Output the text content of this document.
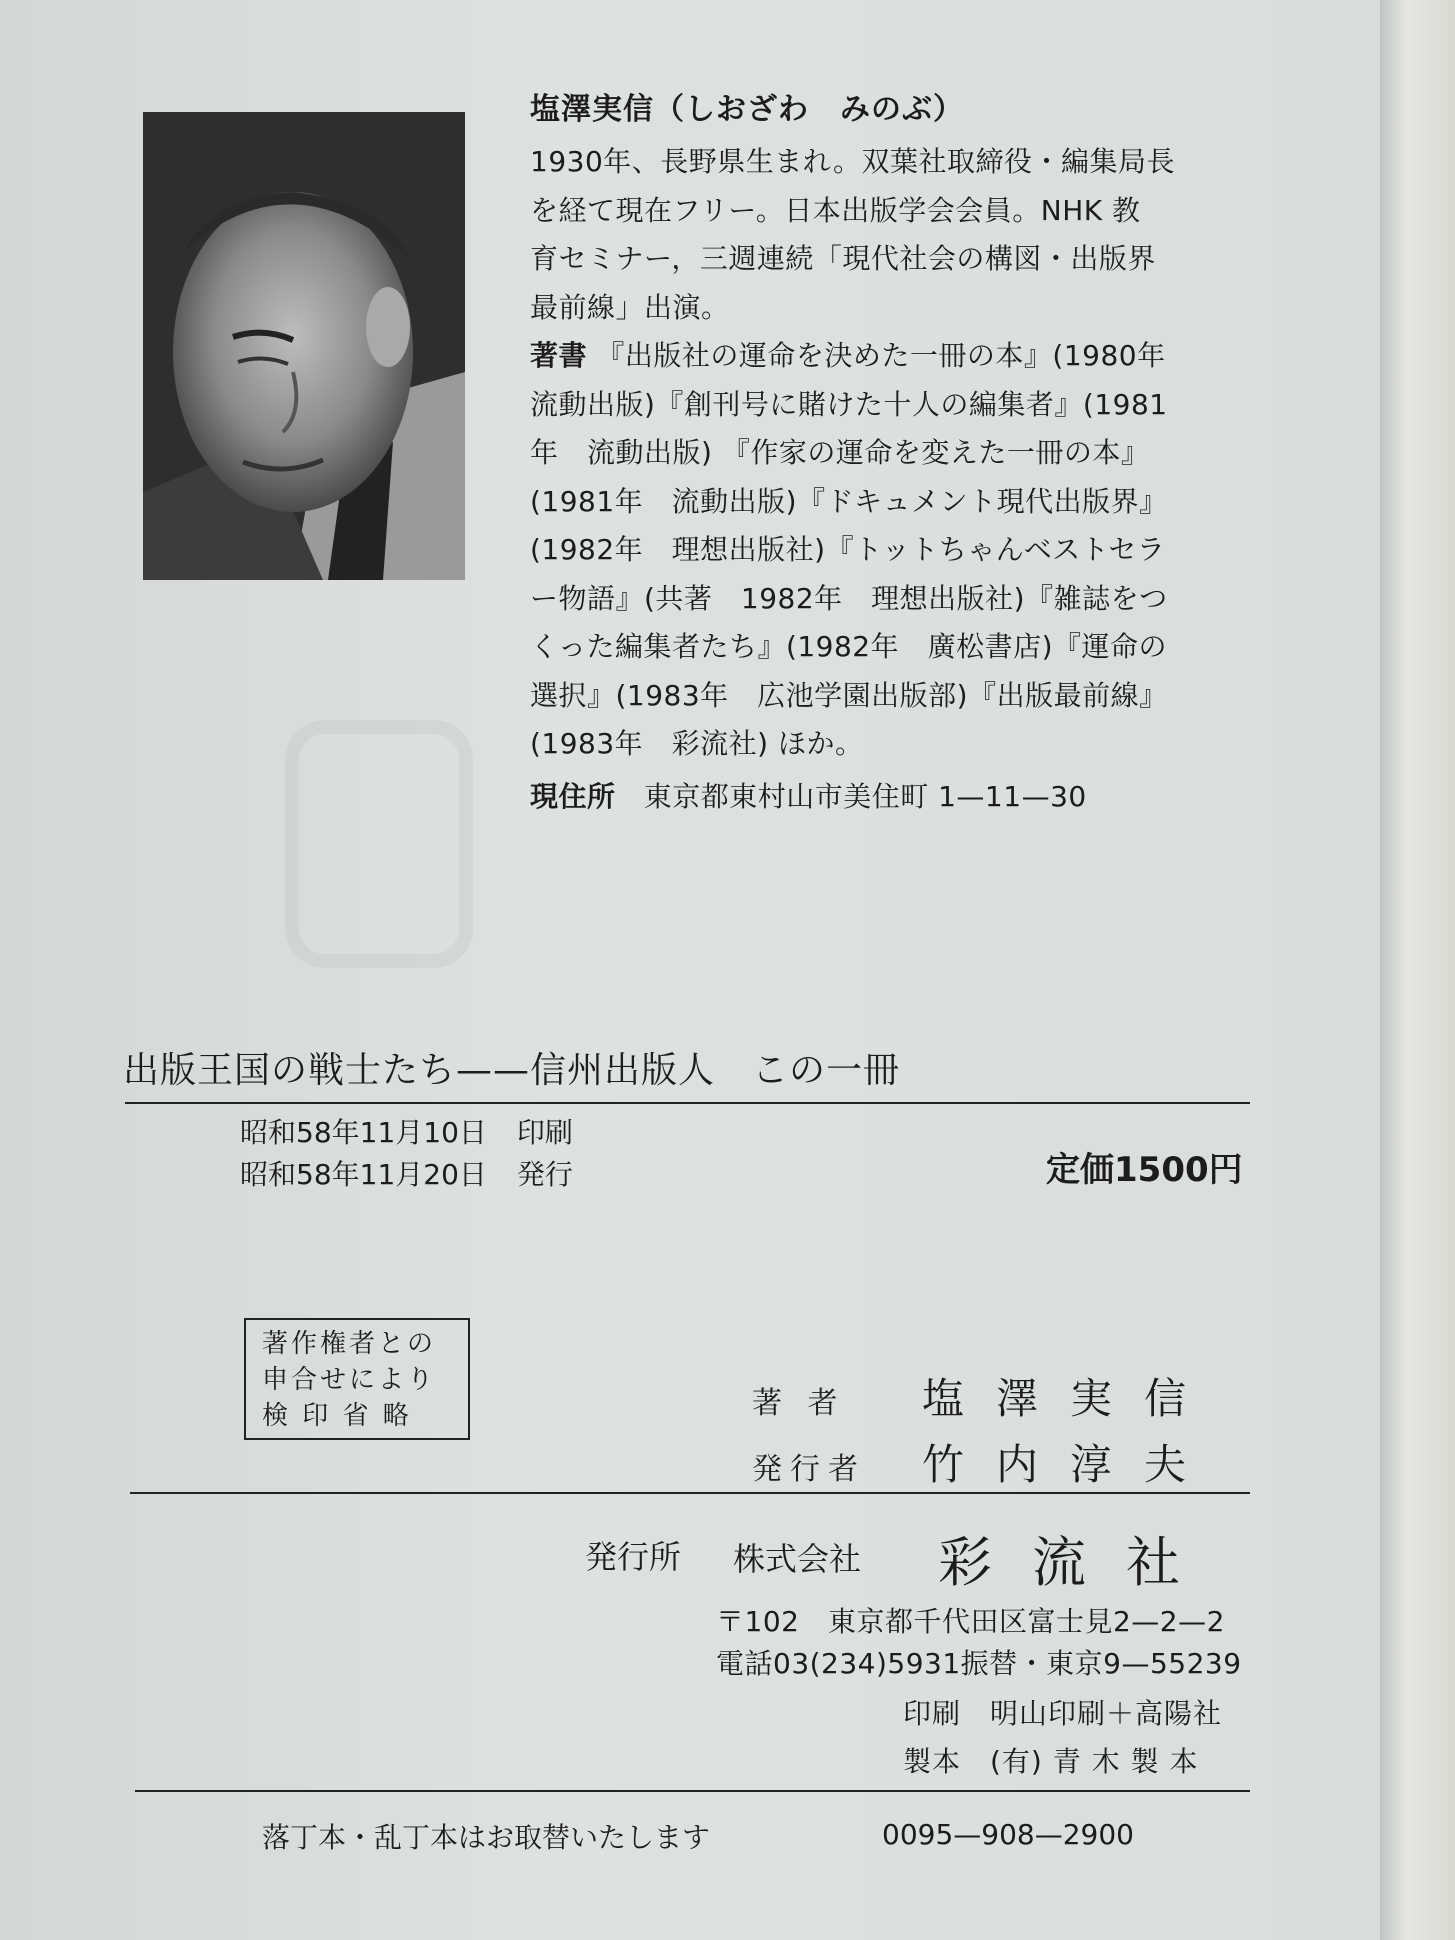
塩澤実信（しおざわ　みのぶ）
1930年、長野県生まれ。双葉社取締役・編集局長
を経て現在フリー。日本出版学会会員。NHK 教
育セミナー，三週連続「現代社会の構図・出版界
最前線」出演。
著書 『出版社の運命を決めた一冊の本』(1980年
流動出版)『創刊号に賭けた十人の編集者』(1981
年　流動出版) 『作家の運命を変えた一冊の本』
(1981年　流動出版)『ドキュメント現代出版界』
(1982年　理想出版社)『トットちゃんベストセラ
ー物語』(共著　1982年　理想出版社)『雑誌をつ
くった編集者たち』(1982年　廣松書店)『運命の
選択』(1983年　広池学園出版部)『出版最前線』
(1983年　彩流社) ほか。
現住所 東京都東村山市美住町 1—11—30
出版王国の戦士たち——信州出版人　この一冊
昭和58年11月10日 印刷
昭和58年11月20日 発行	定価1500円
著作権者との
申合せにより
検 印 省 略	著 者 塩澤実信
発行者 竹内淳夫
発行所 株式会社 彩流社
〒102　東京都千代田区富士見2—2—2
電話03(234)5931振替・東京9—55239
印刷　明山印刷＋高陽社
製本　(有) 青 木 製 本
落丁本・乱丁本はお取替いたします	0095—908—2900
